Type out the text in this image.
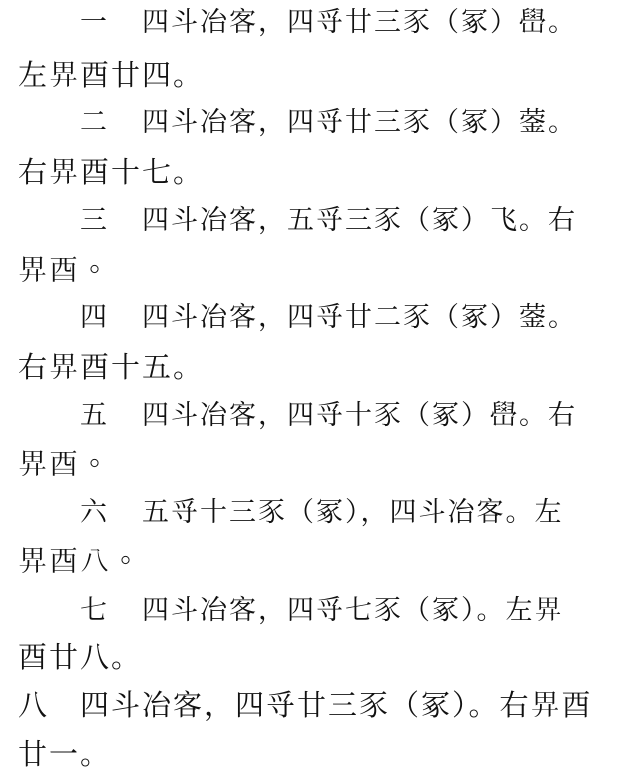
一 四斗冶客，四寽廿三豕（冢）嶨。
左𢌿酉廿四。
二 四斗冶客，四寽廿三豕（冢）蓥。
右𢌿酉十七。
三 四斗冶客，五寽三豕（冢）飞。右
𢌿酉。
四 四斗冶客，四寽廿二豕（冢）蓥。
右𢌿酉十五。
五 四斗冶客，四寽十豕（冢）嶨。右
𢌿酉。
六 五寽十三豕（冢），四斗冶客。左
𢌿酉八。
七 四斗冶客，四寽七豕（冢）。左𢌿
酉廿八。
八 四斗冶客，四寽廿三豕（冢）。右𢌿酉
廿一。
